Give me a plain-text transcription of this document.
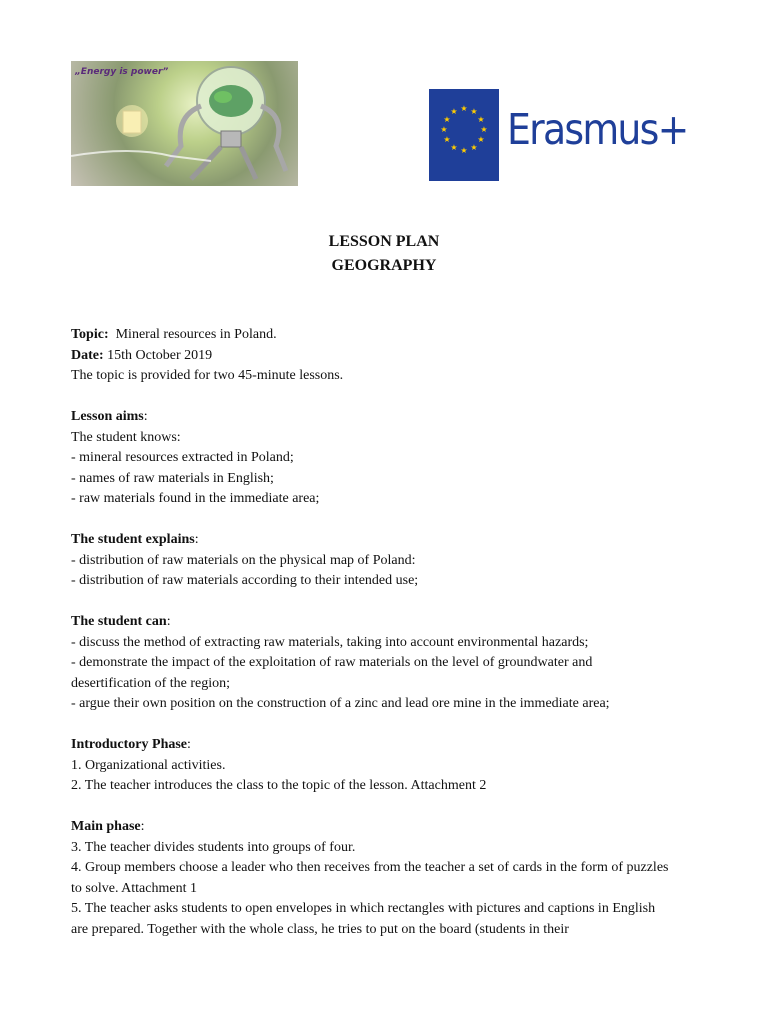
„Energy is power”
★ ★
★
★
★
★
★
★
★
★
★
★ Erasmus+
LESSON PLAN
GEOGRAPHY

Topic: Mineral resources in Poland.

Date: 15th October 2019

The topic is provided for two 45-minute lessons.

Lesson aims:

The student knows:

- mineral resources extracted in Poland;

- names of raw materials in English;

- raw materials found in the immediate area;

The student explains:

- distribution of raw materials on the physical map of Poland:

- distribution of raw materials according to their intended use;

The student can:

- discuss the method of extracting raw materials, taking into account environmental hazards;

- demonstrate the impact of the exploitation of raw materials on the level of groundwater and desertification of the region;

- argue their own position on the construction of a zinc and lead ore mine in the immediate area;

Introductory Phase:

1. Organizational activities.

2. The teacher introduces the class to the topic of the lesson. Attachment 2

Main phase:

3. The teacher divides students into groups of four.

4. Group members choose a leader who then receives from the teacher a set of cards in the form of puzzles to solve. Attachment 1

5. The teacher asks students to open envelopes in which rectangles with pictures and captions in English are prepared. Together with the whole class, he tries to put on the board (students in their
